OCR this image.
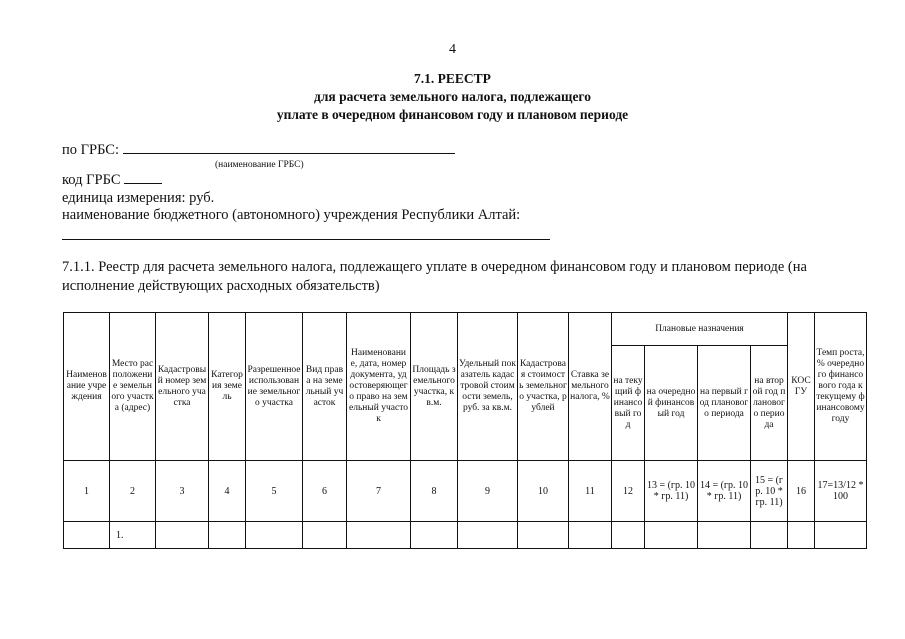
4
7.1. РЕЕСТР
для расчета земельного налога, подлежащего
уплате в очередном финансовом году и плановом периоде
по ГРБС:
(наименование ГРБС)
код ГРБС
единица измерения: руб.
наименование бюджетного (автономного) учреждения Республики Алтай:
7.1.1. Реестр для расчета земельного налога, подлежащего уплате в очередном финансовом году и плановом периоде (на исполнение действующих расходных обязательств)
Наименование учреждения	Место расположение земельного участка (адрес)	Кадастровый номер земельного участка	Категория земель	Разрешенное использование земельного участка	Вид права на земельный участок	Наименование, дата, номер документа, удостоверяющего право на земельный участок	Площадь земельного участка, кв.м.	Удельный показатель кадастровой стоимости земель, руб. за кв.м.	Кадастровая стоимость земельного участка, рублей	Ставка земельного налога, %	Плановые назначения				КОСГУ	Темп роста, % очередного финансового года к текущему финансовому году
											на текущий финансовый год	на очередной финансовый год	на первый год планового периода	на второй год планового периода		
1	2	3	4	5	6	7	8	9	10	11	12	13 = (гр. 10 * гр. 11)	14 = (гр. 10 * гр. 11)	15 = (гр. 10 * гр. 11)	16	17=13/12 *100
	1.															
